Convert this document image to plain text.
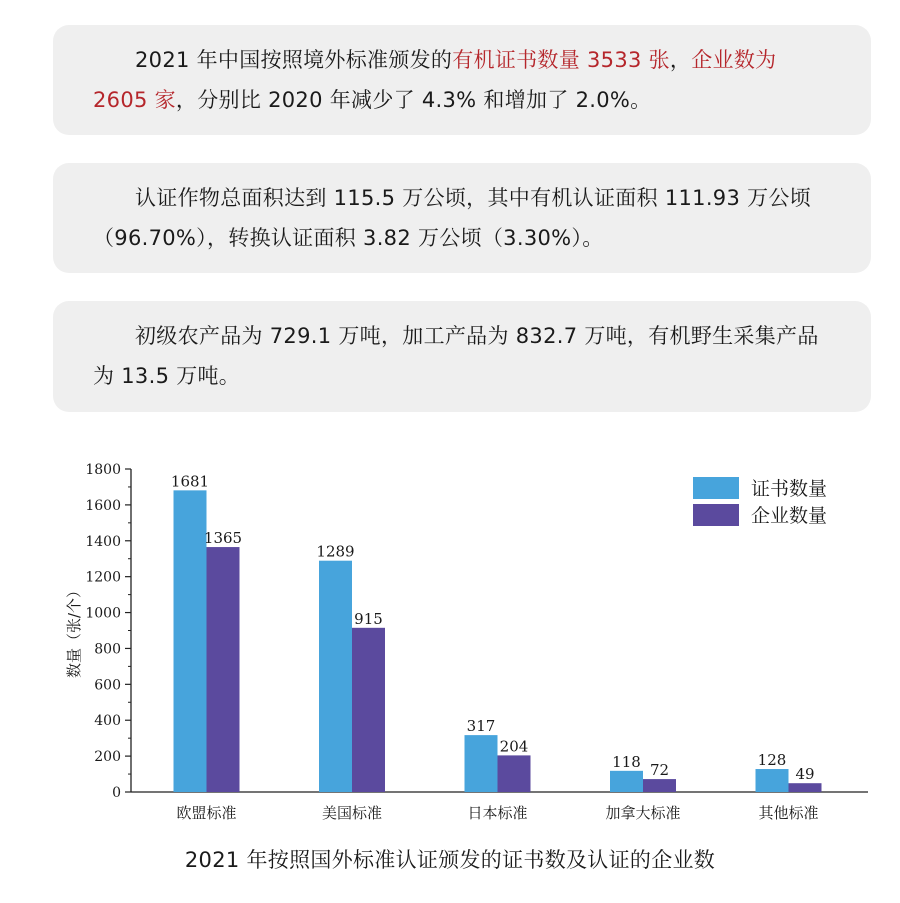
2021 年中国按照境外标准颁发的有机证书数量 3533 张，企业数为 2605 家，分别比 2020 年减少了 4.3% 和增加了 2.0%。

认证作物总面积达到 115.5 万公顷，其中有机认证面积 111.93 万公顷（96.70%），转换认证面积 3.82 万公顷（3.30%）。

初级农产品为 729.1 万吨，加工产品为 832.7 万吨，有机野生采集产品为 13.5 万吨。

0
200
400
600
800
1000
1200
1400
1600
1800
数量（张/个）
1681
1365
欧盟标准
1289
915
美国标准
317
204
日本标准
118 72
加拿大标准
128
49
其他标准
证书数量
企业数量
2021 年按照国外标准认证颁发的证书数及认证的企业数
